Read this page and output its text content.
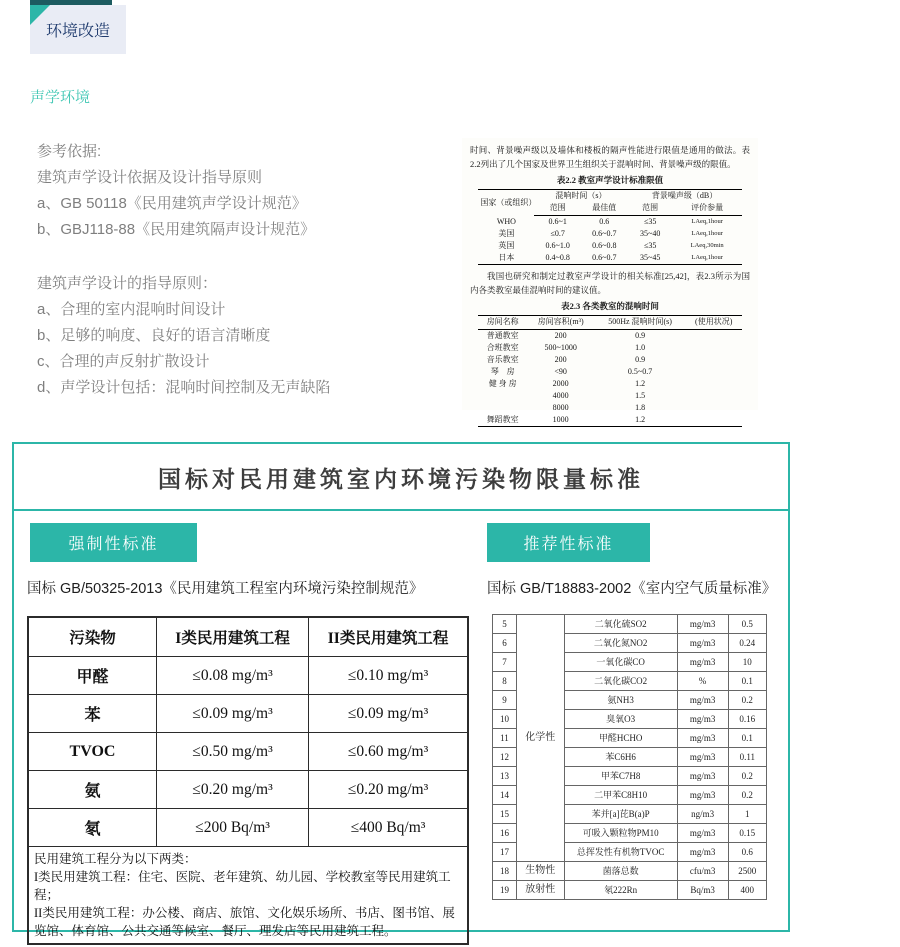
环境改造
声学环境
参考依据:
建筑声学设计依据及设计指导原则
a、GB 50118《民用建筑声学设计规范》
b、GBJ118-88《民用建筑隔声设计规范》
建筑声学设计的指导原则：
a、合理的室内混响时间设计
b、足够的响度、良好的语言清晰度
c、合理的声反射扩散设计
d、声学设计包括：混响时间控制及无声缺陷

时间、背景噪声级以及墙体和楼板的隔声性能进行限值是通用的做法。表2.2列出了几个国家及世界卫生组织关于混响时间、背景噪声级的限值。

表2.2 教室声学设计标准限值
国家（或组织）	混响时间（s）		背景噪声级（dB）	
	范围	最佳值	范围	评价参量
WHO	0.6~1	0.6	≤35	LAeq,1hour
美国	≤0.7	0.6~0.7	35~40	LAeq,1hour
英国	0.6~1.0	0.6~0.8	≤35	LAeq,30min
日本	0.4~0.8	0.6~0.7	35~45	LAeq,1hour

我国也研究和制定过教室声学设计的相关标准[25,42]，表2.3所示为国内各类教室最佳混响时间的建议值。

表2.3 各类教室的混响时间
房间名称	房间容积(m³)	500Hz 混响时间(s)	(使用状况)
普通教室	200	0.9	
合班教室	500~1000	1.0	
音乐教室	200	0.9	
琴　房	<90	0.5~0.7	
健 身 房	2000	1.2	
	4000	1.5	
	8000	1.8	
舞蹈教室	1000	1.2	
国标对民用建筑室内环境污染物限量标准
强制性标准	推荐性标准
国标 GB/50325-2013《民用建筑工程室内环境污染控制规范》	国标 GB/T18883-2002《室内空气质量标准》
污染物	I类民用建筑工程	II类民用建筑工程
甲醛	≤0.08 mg/m³	≤0.10 mg/m³
苯	≤0.09 mg/m³	≤0.09 mg/m³
TVOC	≤0.50 mg/m³	≤0.60 mg/m³
氨	≤0.20 mg/m³	≤0.20 mg/m³
氡	≤200 Bq/m³	≤400 Bq/m³

民用建筑工程分为以下两类：
I类民用建筑工程：住宅、医院、老年建筑、幼儿园、学校教室等民用建筑工程；
II类民用建筑工程：办公楼、商店、旅馆、文化娱乐场所、书店、图书馆、展览馆、体育馆、公共交通等候室、餐厅、理发店等民用建筑工程。		
5	化学性	二氧化硫SO2	mg/m3	0.5
6		二氧化氮NO2	mg/m3	0.24
7		一氧化碳CO	mg/m3	10
8		二氧化碳CO2	%	0.1
9		氨NH3	mg/m3	0.2
10		臭氧O3	mg/m3	0.16
11		甲醛HCHO	mg/m3	0.1
12		苯C6H6	mg/m3	0.11
13		甲苯C7H8	mg/m3	0.2
14		二甲苯C8H10	mg/m3	0.2
15		苯并[a]芘B(a)P	ng/m3	1
16		可吸入颗粒物PM10	mg/m3	0.15
17		总挥发性有机物TVOC	mg/m3	0.6
18	生物性	菌落总数	cfu/m3	2500
19	放射性	氡222Rn	Bq/m3	400
